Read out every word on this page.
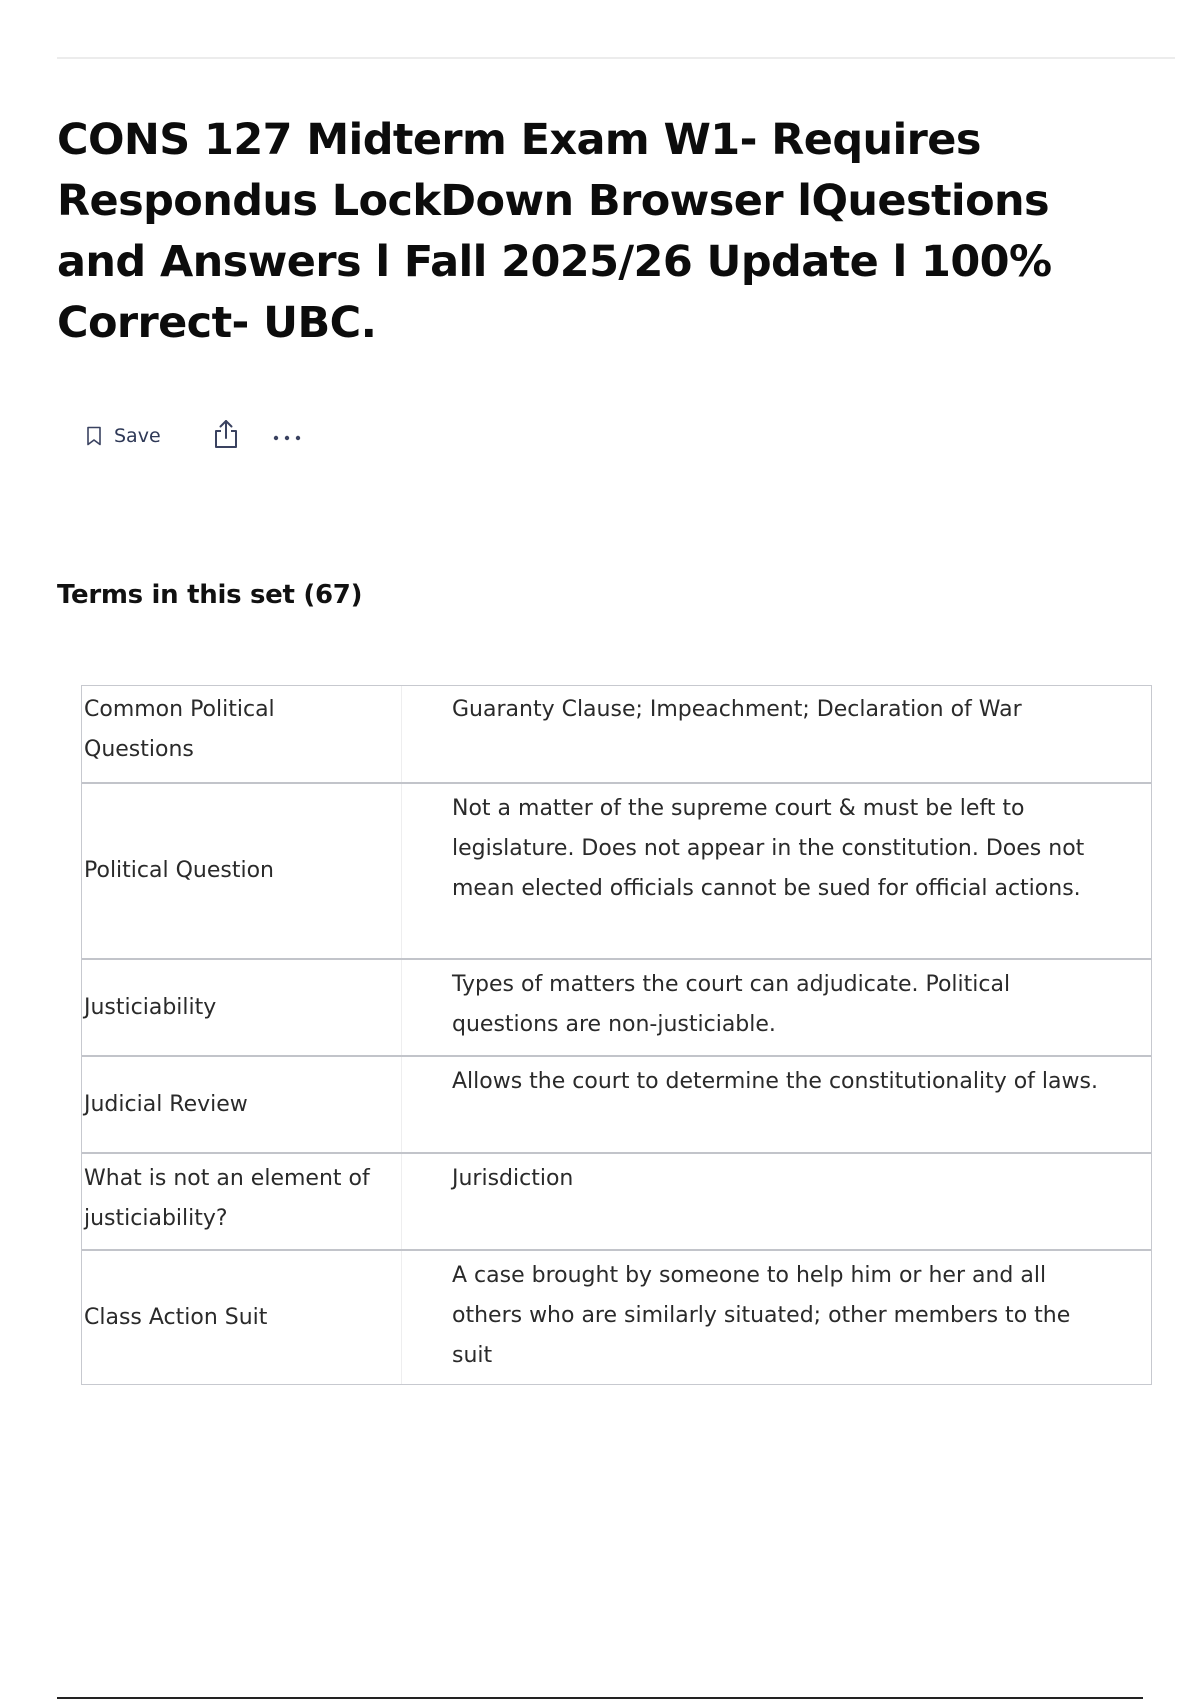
CONS 127 Midterm Exam W1- Requires Respondus LockDown Browser lQuestions and Answers l Fall 2025/26 Update l 100% Correct- UBC.
Save
Terms in this set (67)
Common Political Questions
Guaranty Clause; Impeachment; Declaration of War
Political Question
Not a matter of the supreme court & must be left to legislature. Does not appear in the constitution. Does not mean elected officials cannot be sued for official actions.
Justiciability
Types of matters the court can adjudicate. Political questions are non-justiciable.
Judicial Review
Allows the court to determine the constitutionality of laws.
What is not an element of justiciability?
Jurisdiction
Class Action Suit
A case brought by someone to help him or her and all others who are similarly situated; other members to the suit
